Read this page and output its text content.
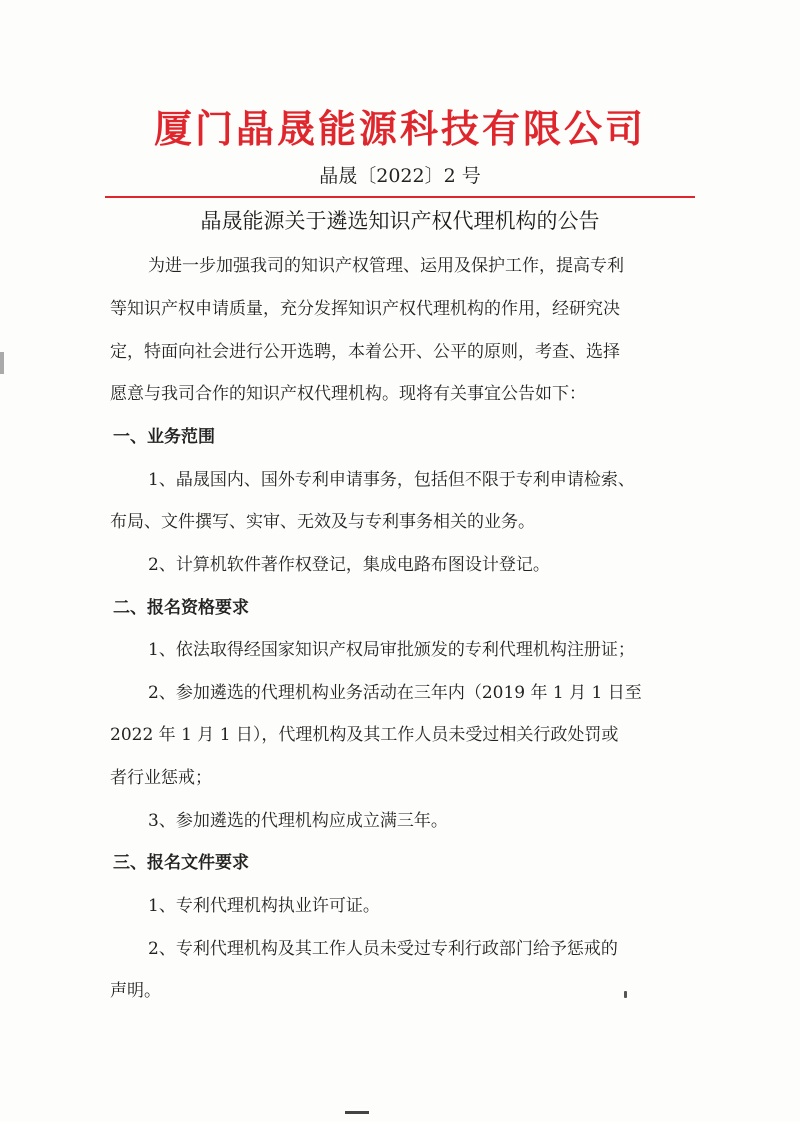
厦门晶晟能源科技有限公司
晶晟〔2022〕2 号
晶晟能源关于遴选知识产权代理机构的公告
为进一步加强我司的知识产权管理、运用及保护工作，提高专利
等知识产权申请质量，充分发挥知识产权代理机构的作用，经研究决
定，特面向社会进行公开选聘，本着公开、公平的原则，考查、选择
愿意与我司合作的知识产权代理机构。现将有关事宜公告如下：
一、业务范围
1、晶晟国内、国外专利申请事务，包括但不限于专利申请检索、
布局、文件撰写、实审、无效及与专利事务相关的业务。
2、计算机软件著作权登记，集成电路布图设计登记。
二、报名资格要求
1、依法取得经国家知识产权局审批颁发的专利代理机构注册证；
2、参加遴选的代理机构业务活动在三年内（2019 年 1 月 1 日至
2022 年 1 月 1 日），代理机构及其工作人员未受过相关行政处罚或
者行业惩戒；
3、参加遴选的代理机构应成立满三年。
三、报名文件要求
1、专利代理机构执业许可证。
2、专利代理机构及其工作人员未受过专利行政部门给予惩戒的
声明。
